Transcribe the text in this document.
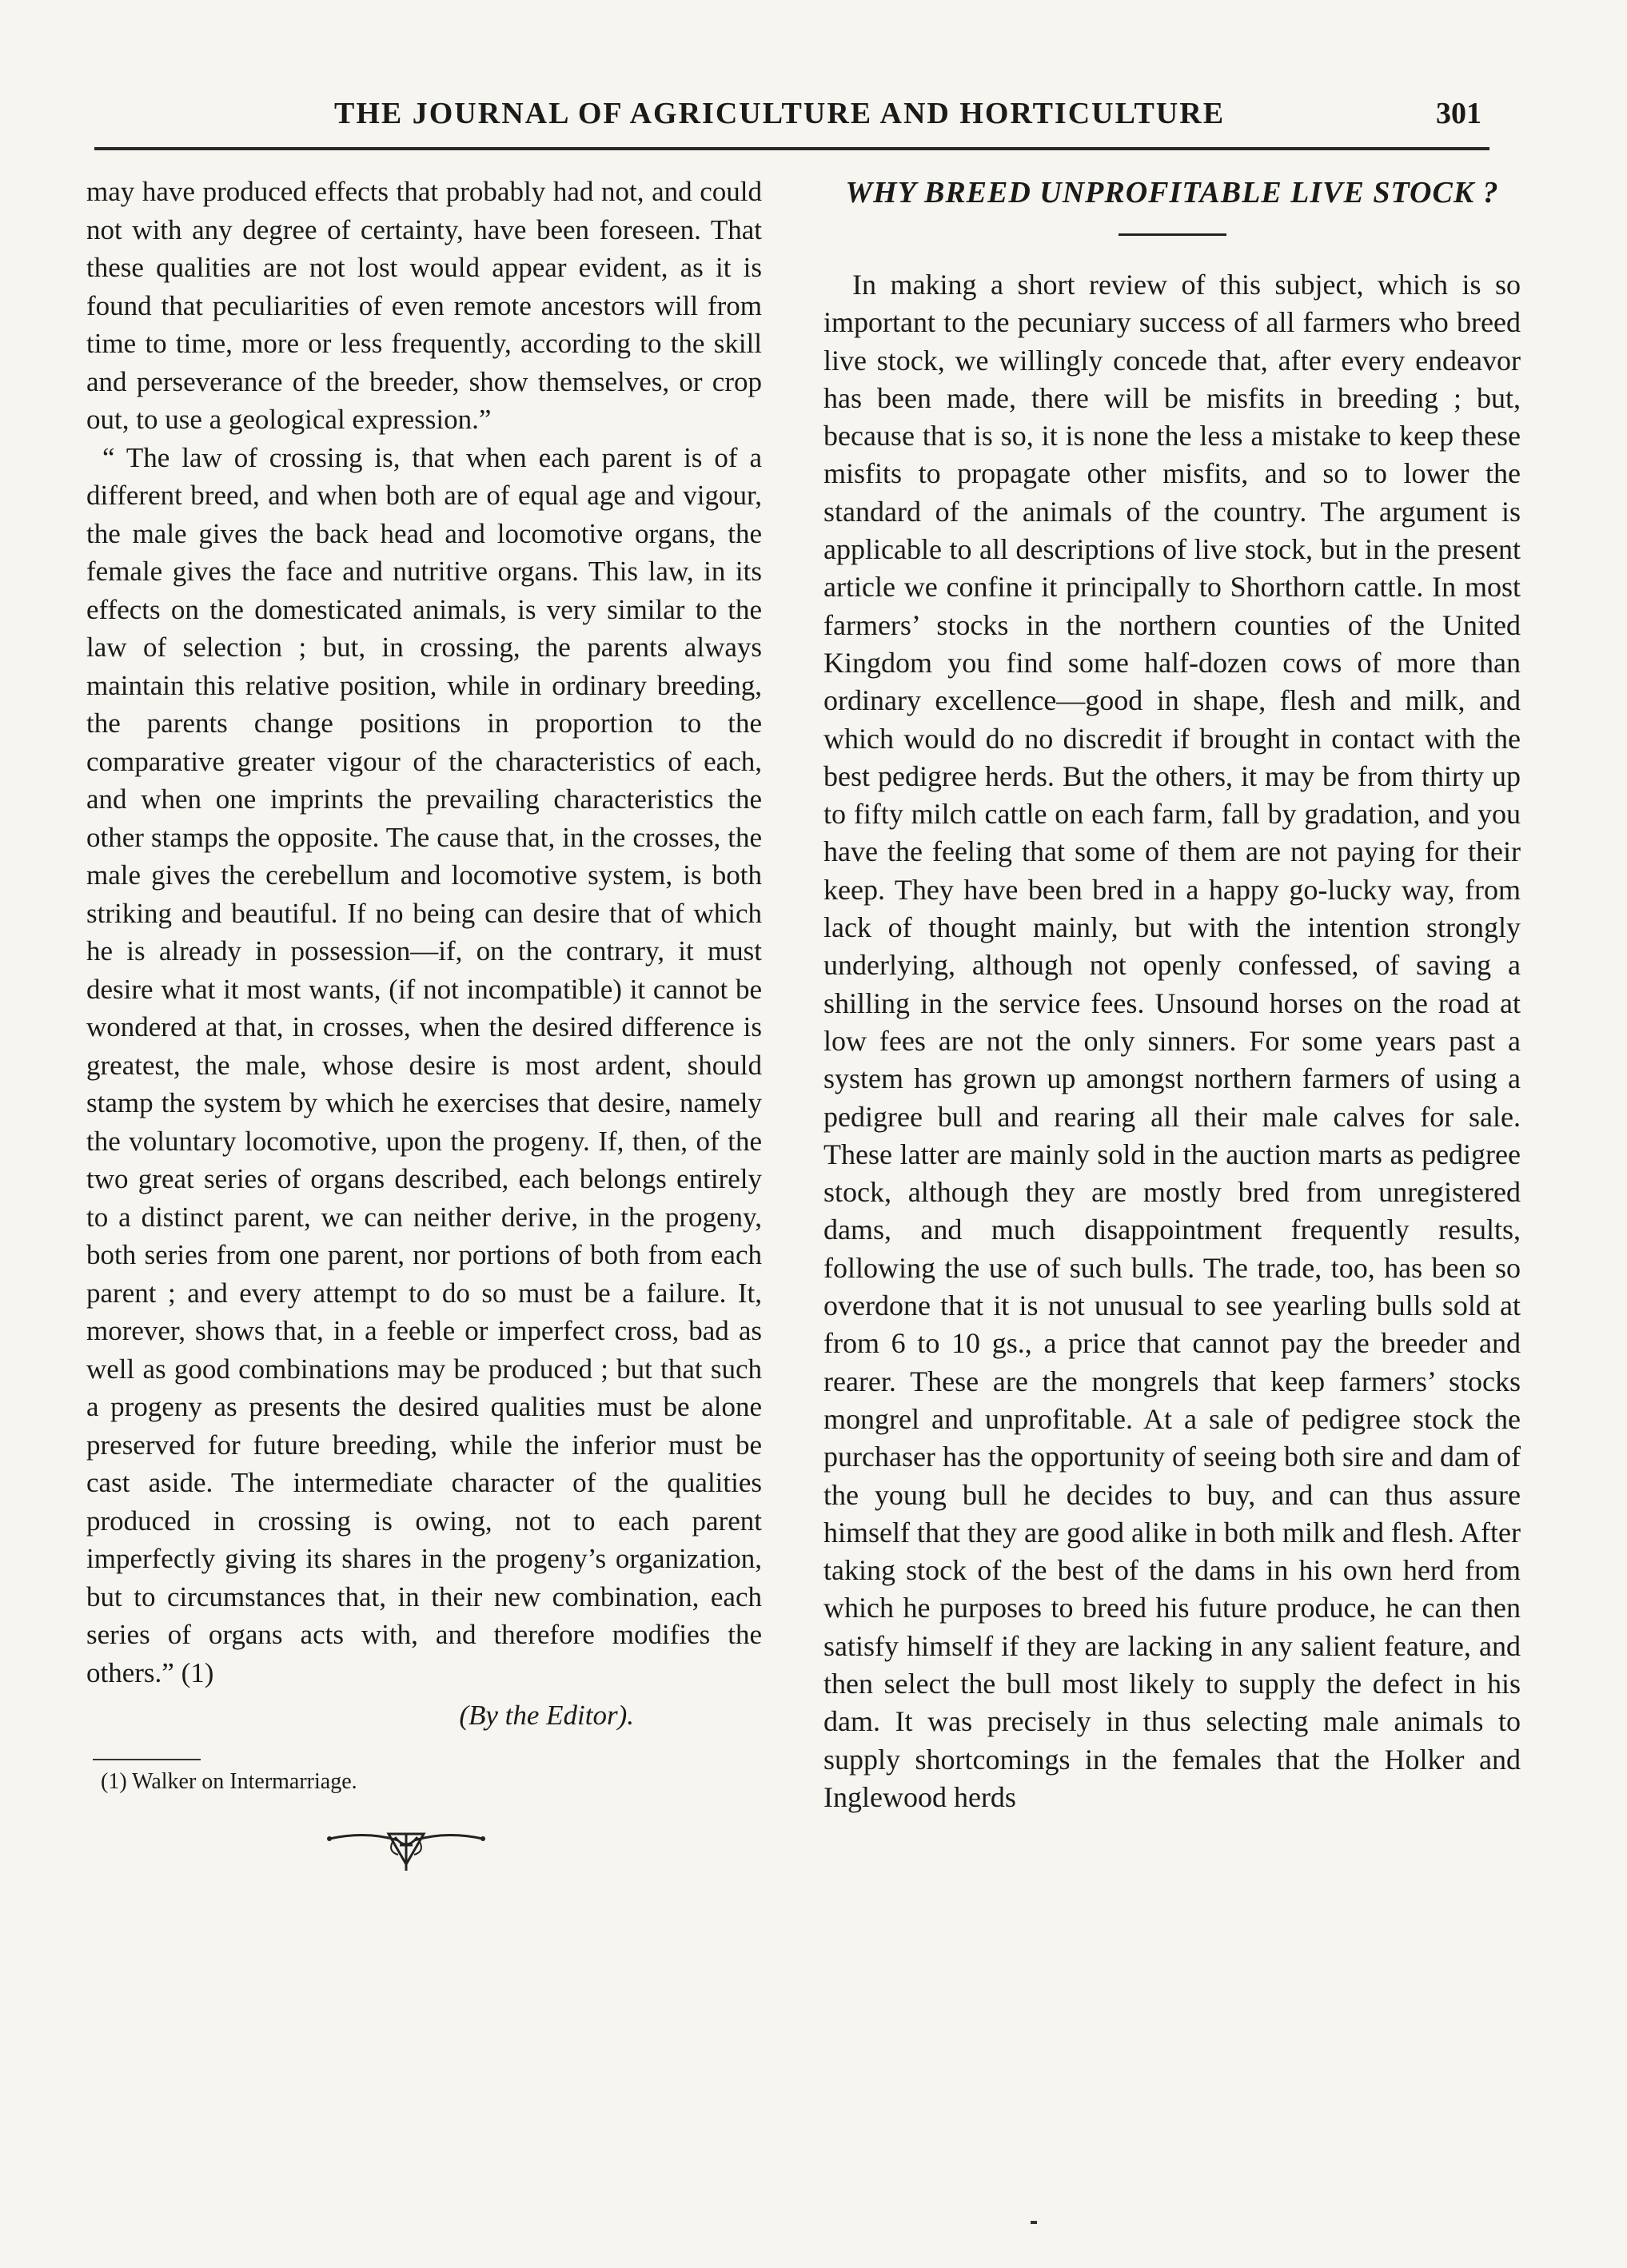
THE JOURNAL OF AGRICULTURE AND HORTICULTURE	301

may have produced effects that probably had not, and could not with any degree of certainty, have been foreseen. That these qualities are not lost would appear evident, as it is found that peculiarities of even remote ancestors will from time to time, more or less frequently, according to the skill and perseverance of the breeder, show themselves, or crop out, to use a geological expression.”

“ The law of crossing is, that when each parent is of a different breed, and when both are of equal age and vigour, the male gives the back head and locomotive organs, the female gives the face and nutritive organs. This law, in its effects on the domesticated animals, is very similar to the law of selection ; but, in crossing, the parents always maintain this relative position, while in ordinary breeding, the parents change positions in proportion to the comparative greater vigour of the characteristics of each, and when one imprints the prevailing characteristics the other stamps the opposite. The cause that, in the crosses, the male gives the cerebellum and locomotive system, is both striking and beautiful. If no being can desire that of which he is already in possession—if, on the contrary, it must desire what it most wants, (if not incompatible) it cannot be wondered at that, in crosses, when the desired difference is greatest, the male, whose desire is most ardent, should stamp the system by which he exercises that desire, namely the voluntary locomotive, upon the progeny. If, then, of the two great series of organs described, each belongs entirely to a distinct parent, we can neither derive, in the progeny, both series from one parent, nor portions of both from each parent ; and every attempt to do so must be a failure. It, morever, shows that, in a feeble or imperfect cross, bad as well as good combinations may be produced ; but that such a progeny as presents the desired qualities must be alone preserved for future breeding, while the inferior must be cast aside. The intermediate character of the qualities produced in crossing is owing, not to each parent imperfectly giving its shares in the progeny’s organization, but to circumstances that, in their new combination, each series of organs acts with, and therefore modifies the others.” (1)

(By the Editor).

(1) Walker on Intermarriage.

WHY BREED UNPROFITABLE LIVE STOCK ?

In making a short review of this subject, which is so important to the pecuniary success of all farmers who breed live stock, we willingly concede that, after every endeavor has been made, there will be misfits in breeding ; but, because that is so, it is none the less a mistake to keep these misfits to propagate other misfits, and so to lower the standard of the animals of the country. The argument is applicable to all descriptions of live stock, but in the present article we confine it principally to Shorthorn cattle. In most farmers’ stocks in the northern counties of the United Kingdom you find some half-dozen cows of more than ordinary excellence—good in shape, flesh and milk, and which would do no discredit if brought in contact with the best pedigree herds. But the others, it may be from thirty up to fifty milch cattle on each farm, fall by gradation, and you have the feeling that some of them are not paying for their keep. They have been bred in a happy go-lucky way, from lack of thought mainly, but with the intention strongly underlying, although not openly confessed, of saving a shilling in the service fees. Unsound horses on the road at low fees are not the only sinners. For some years past a system has grown up amongst northern farmers of using a pedigree bull and rearing all their male calves for sale. These latter are mainly sold in the auction marts as pedigree stock, although they are mostly bred from unregistered dams, and much disappointment frequently results, following the use of such bulls. The trade, too, has been so overdone that it is not unusual to see yearling bulls sold at from 6 to 10 gs., a price that cannot pay the breeder and rearer. These are the mongrels that keep farmers’ stocks mongrel and unprofitable. At a sale of pedigree stock the purchaser has the opportunity of seeing both sire and dam of the young bull he decides to buy, and can thus assure himself that they are good alike in both milk and flesh. After taking stock of the best of the dams in his own herd from which he purposes to breed his future produce, he can then satisfy himself if they are lacking in any salient feature, and then select the bull most likely to supply the defect in his dam. It was precisely in thus selecting male animals to supply shortcomings in the females that the Holker and Inglewood herds
